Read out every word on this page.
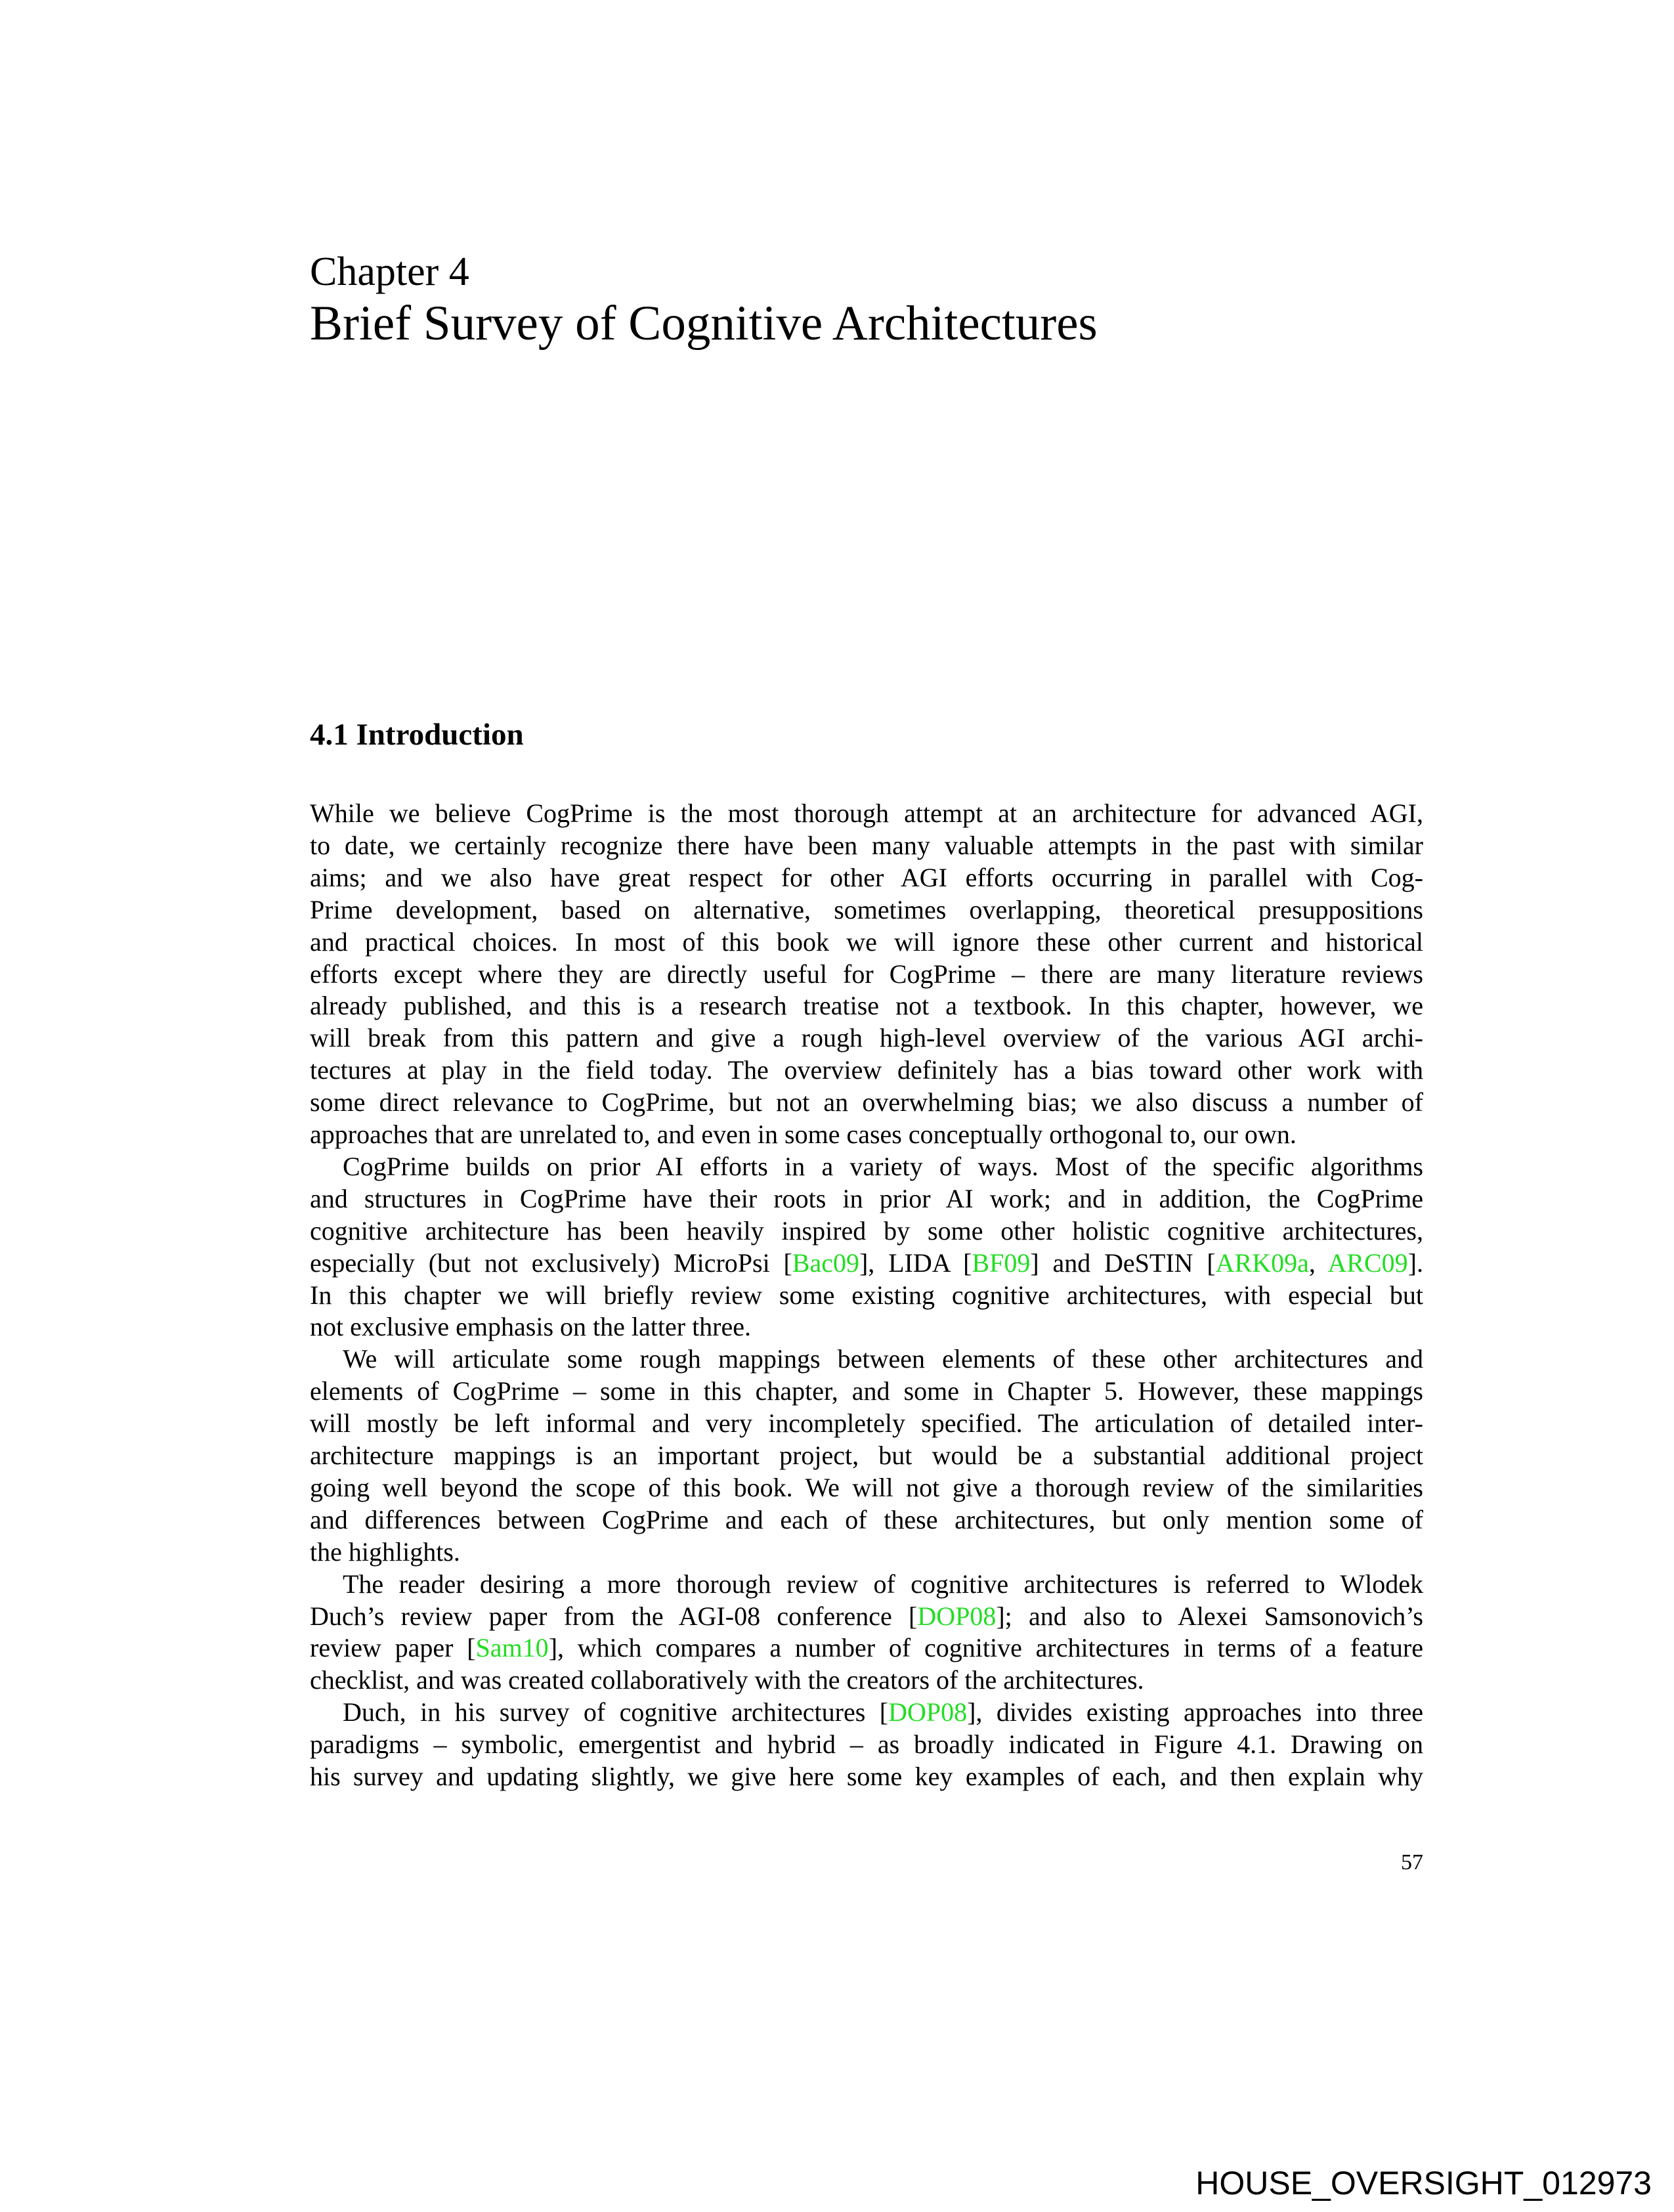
Chapter 4
Brief Survey of Cognitive Architectures
4.1 Introduction
While we believe CogPrime is the most thorough attempt at an architecture for advanced AGI,
to date, we certainly recognize there have been many valuable attempts in the past with similar
aims; and we also have great respect for other AGI efforts occurring in parallel with Cog-
Prime development, based on alternative, sometimes overlapping, theoretical presuppositions
and practical choices. In most of this book we will ignore these other current and historical
efforts except where they are directly useful for CogPrime – there are many literature reviews
already published, and this is a research treatise not a textbook. In this chapter, however, we
will break from this pattern and give a rough high-level overview of the various AGI archi-
tectures at play in the field today. The overview definitely has a bias toward other work with
some direct relevance to CogPrime, but not an overwhelming bias; we also discuss a number of
approaches that are unrelated to, and even in some cases conceptually orthogonal to, our own.
CogPrime builds on prior AI efforts in a variety of ways. Most of the specific algorithms
and structures in CogPrime have their roots in prior AI work; and in addition, the CogPrime
cognitive architecture has been heavily inspired by some other holistic cognitive architectures,
especially (but not exclusively) MicroPsi [Bac09], LIDA [BF09] and DeSTIN [ARK09a, ARC09].
In this chapter we will briefly review some existing cognitive architectures, with especial but
not exclusive emphasis on the latter three.
We will articulate some rough mappings between elements of these other architectures and
elements of CogPrime – some in this chapter, and some in Chapter 5. However, these mappings
will mostly be left informal and very incompletely specified. The articulation of detailed inter-
architecture mappings is an important project, but would be a substantial additional project
going well beyond the scope of this book. We will not give a thorough review of the similarities
and differences between CogPrime and each of these architectures, but only mention some of
the highlights.
The reader desiring a more thorough review of cognitive architectures is referred to Wlodek
Duch’s review paper from the AGI-08 conference [DOP08]; and also to Alexei Samsonovich’s
review paper [Sam10], which compares a number of cognitive architectures in terms of a feature
checklist, and was created collaboratively with the creators of the architectures.
Duch, in his survey of cognitive architectures [DOP08], divides existing approaches into three
paradigms – symbolic, emergentist and hybrid – as broadly indicated in Figure 4.1. Drawing on
his survey and updating slightly, we give here some key examples of each, and then explain why
57
HOUSE_OVERSIGHT_012973
